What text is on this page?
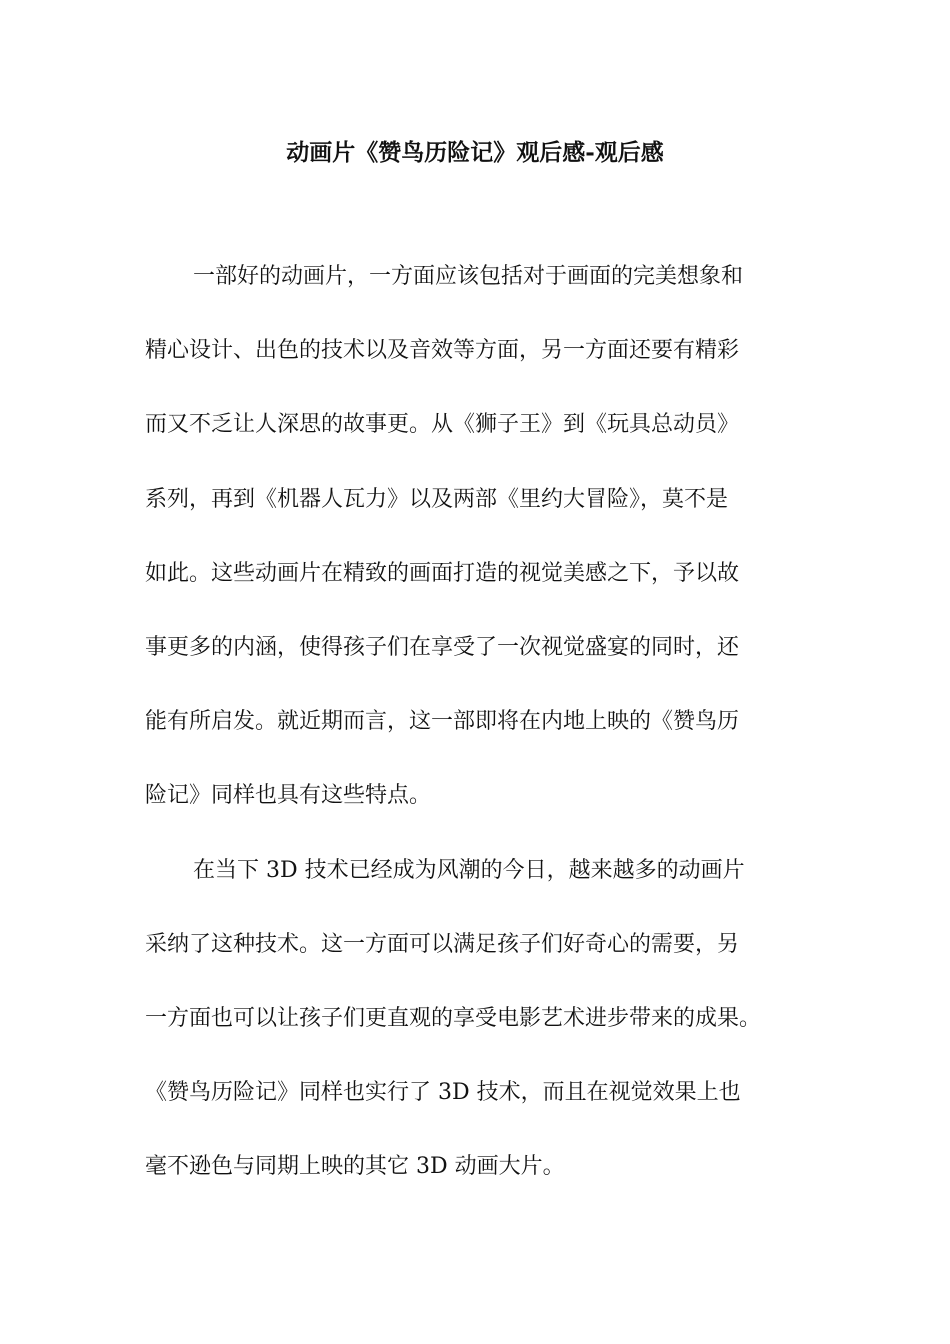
动画片《赞鸟历险记》观后感-观后感
一部好的动画片，一方面应该包括对于画面的完美想象和
精心设计、出色的技术以及音效等方面，另一方面还要有精彩
而又不乏让人深思的故事更。从《狮子王》到《玩具总动员》
系列，再到《机器人瓦力》以及两部《里约大冒险》，莫不是
如此。这些动画片在精致的画面打造的视觉美感之下，予以故
事更多的内涵，使得孩子们在享受了一次视觉盛宴的同时，还
能有所启发。就近期而言，这一部即将在内地上映的《赞鸟历
险记》同样也具有这些特点。
在当下 3D 技术已经成为风潮的今日，越来越多的动画片
采纳了这种技术。这一方面可以满足孩子们好奇心的需要，另
一方面也可以让孩子们更直观的享受电影艺术进步带来的成果。
《赞鸟历险记》同样也实行了 3D 技术，而且在视觉效果上也
毫不逊色与同期上映的其它 3D 动画大片。
